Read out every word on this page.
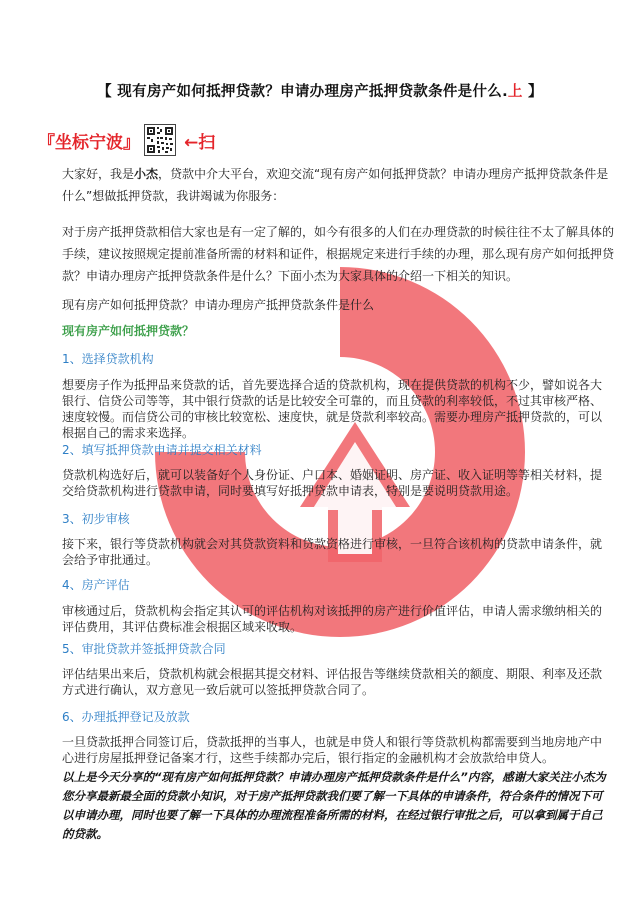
【 现有房产如何抵押贷款？申请办理房产抵押贷款条件是什么.上 】
『坐标宁波』	←扫
大家好，我是小杰，贷款中介大平台，欢迎交流“现有房产如何抵押贷款？申请办理房产抵押贷款条件是什么”想做抵押贷款，我讲竭诚为你服务：
对于房产抵押贷款相信大家也是有一定了解的，如今有很多的人们在办理贷款的时候往往不太了解具体的手续，建议按照规定提前准备所需的材料和证件，根据规定来进行手续的办理，那么现有房产如何抵押贷款？申请办理房产抵押贷款条件是什么？下面小杰为大家具体的介绍一下相关的知识。
现有房产如何抵押贷款？申请办理房产抵押贷款条件是什么
现有房产如何抵押贷款？
1、选择贷款机构
想要房子作为抵押品来贷款的话，首先要选择合适的贷款机构，现在提供贷款的机构不少，譬如说各大银行、信贷公司等等，其中银行贷款的话是比较安全可靠的，而且贷款的利率较低，不过其审核严格、速度较慢。而信贷公司的审核比较宽松、速度快，就是贷款利率较高。需要办理房产抵押贷款的，可以根据自己的需求来选择。
2、填写抵押贷款申请并提交相关材料
贷款机构选好后，就可以装备好个人身份证、户口本、婚姻证明、房产证、收入证明等等相关材料，提交给贷款机构进行贷款申请，同时要填写好抵押贷款申请表，特别是要说明贷款用途。
3、初步审核
接下来，银行等贷款机构就会对其贷款资料和贷款资格进行审核，一旦符合该机构的贷款申请条件，就会给予审批通过。
4、房产评估
审核通过后，贷款机构会指定其认可的评估机构对该抵押的房产进行价值评估，申请人需求缴纳相关的评估费用，其评估费标准会根据区域来收取。
5、审批贷款并签抵押贷款合同
评估结果出来后，贷款机构就会根据其提交材料、评估报告等继续贷款相关的额度、期限、利率及还款方式进行确认，双方意见一致后就可以签抵押贷款合同了。
6、办理抵押登记及放款
一旦贷款抵押合同签订后，贷款抵押的当事人，也就是申贷人和银行等贷款机构都需要到当地房地产中心进行房屋抵押登记备案才行，这些手续都办完后，银行指定的金融机构才会放款给申贷人。
以上是今天分享的“现有房产如何抵押贷款？申请办理房产抵押贷款条件是什么”内容，感谢大家关注小杰为您分享最新最全面的贷款小知识，对于房产抵押贷款我们要了解一下具体的申请条件，符合条件的情况下可以申请办理，同时也要了解一下具体的办理流程准备所需的材料，在经过银行审批之后，可以拿到属于自己的贷款。
